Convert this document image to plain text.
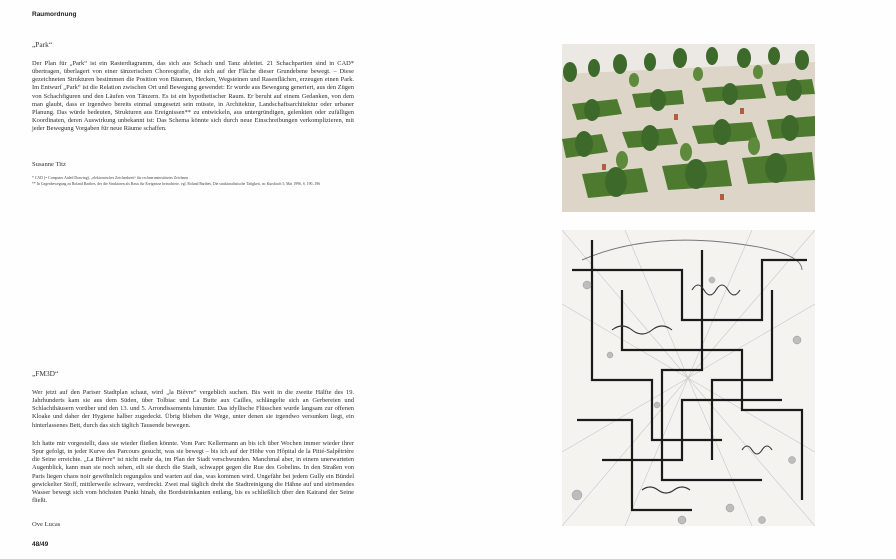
Raumordnung
„Park“
Der Plan für „Park“ ist ein Rasterdiagramm, das sich aus Schach und Tanz ableitet. 21 Schachpartien sind in CAD* übertragen, überlagert von einer tänzerischen Choreografie, die sich auf der Fläche dieser Grundebene bewegt. – Diese gezeichneten Strukturen bestimmen die Position von Bäumen, Hecken, Wegsteinen und Rasenflächen, erzeugen einen Park. Im Entwurf „Park“ ist die Relation zwischen Ort und Bewegung gewendet: Er wurde aus Bewegung generiert, aus den Zügen von Schachfiguren und den Läufen von Tänzern. Es ist ein hypothetischer Raum. Er beruht auf einem Gedanken, von dem man glaubt, dass er irgendwo bereits einmal umgesetzt sein müsste, in Architektur, Landschaftsarchitektur oder urbaner Planung. Das würde bedeuten, Strukturen aus Ereignissen** zu entwickeln, aus untergründigen, gelenkten oder zufälligen Koordinaten, deren Auswirkung unbekannt ist: Das Schema könnte sich durch neue Einschreibungen verkomplizieren, mit jeder Bewegung Vorgaben für neue Räume schaffen.
Susanne Titz
* CAD (= Computer Aided Drawing), „elektronisches Zeichenbrett“ für rechnerunterstütztes Zeichnen
** In Gegenbewegung zu Roland Barthes, der die Strukturen als Basis für Ereignisse betrachtete, vgl. Roland Barthes, Die strukturalistische Tätigkeit, in: Kursbuch 5, Mai 1996, S. 190–196
„FM3D“
Wer jetzt auf den Pariser Stadtplan schaut, wird „la Bièvre“ vergeblich suchen. Bis weit in die zweite Hälfte des 19. Jahrhunderts kam sie aus dem Süden, über Tolbiac und La Butte aux Cailles, schlängelte sich an Gerbereien und Schlachthäusern vorüber und den 13. und 5. Arrondissements hinunter. Das idyllische Flüsschen wurde langsam zur offenen Kloake und daher der Hygiene halber zugedeckt. Übrig blieben die Wege, unter denen sie irgendwo versunken liegt, ein hinterlassenes Bett, durch das sich täglich Tausende bewegen.
Ich hatte mir vorgestellt, dass sie wieder fließen könnte. Vom Parc Kellermann an bis ich über Wochen immer wieder ihrer Spur gefolgt, in jeder Kurve des Parcours gesucht, was sie bewegt – bis ich auf der Höhe von Hôpital de la Pitié-Salpêtrière die Seine erreichte. „La Bièvre“ ist nicht mehr da, im Plan der Stadt verschwunden. Manchmal aber, in einem unerwarteten Augenblick, kann man sie noch sehen, eilt sie durch die Stadt, schwappt gegen die Rue des Gobelins. In den Straßen von Paris liegen chaos noir gewöhnlich regungslos und warten auf das, was kommen wird. Ungefähr bei jedem Gully ein Bündel gewickelter Stoff, mittlerweile schwarz, verdreckt. Zwei mal täglich dreht die Stadtreinigung die Hähne auf und strömendes Wasser bewegt sich vom höchsten Punkt hinab, die Bordsteinkanten entlang, bis es schließlich über den Kairand der Seine fließt.
Ove Lucas
48/49
